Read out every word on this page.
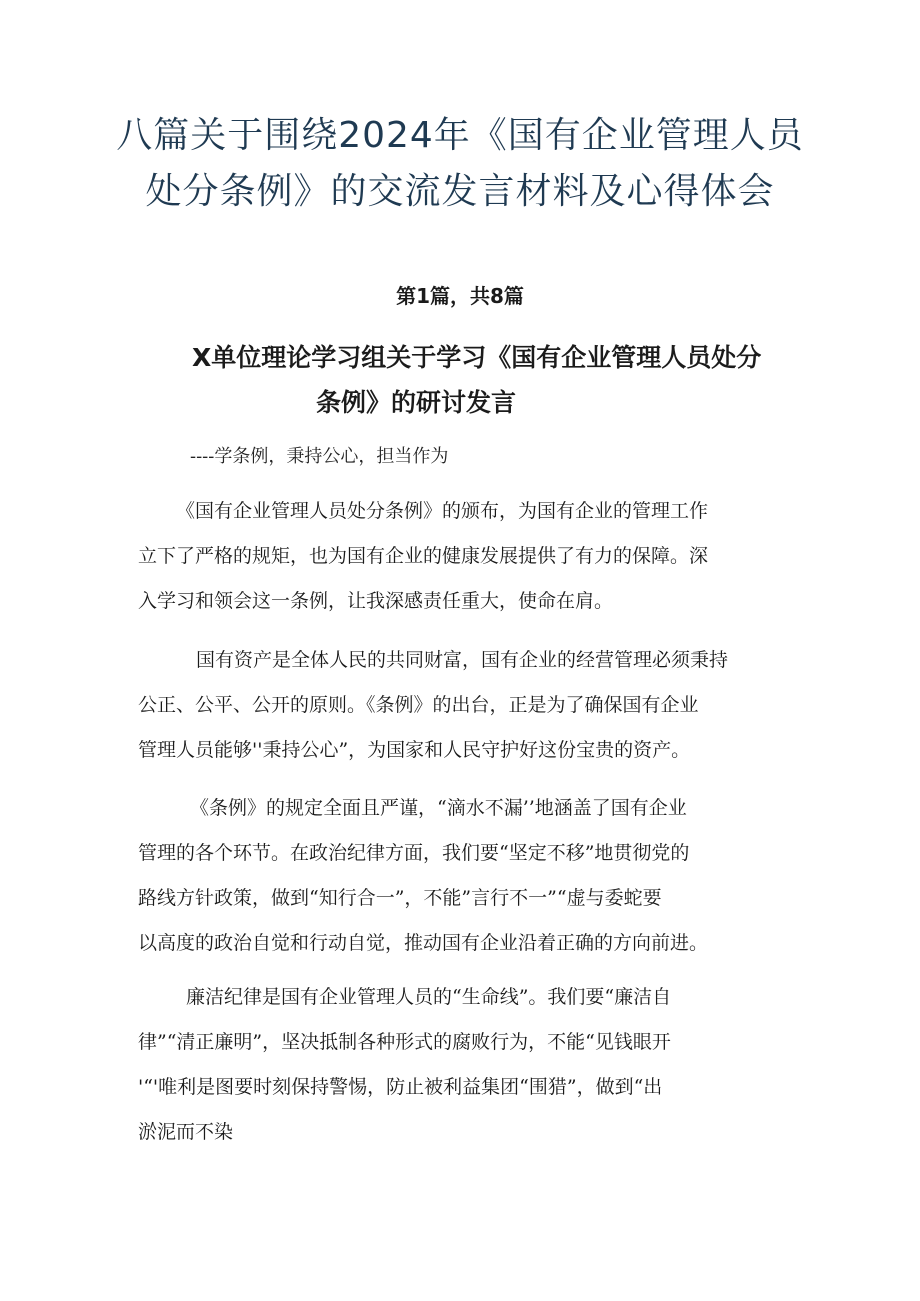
八篇关于围绕2024年《国有企业管理人员
处分条例》的交流发言材料及心得体会
第1篇，共8篇
X单位理论学习组关于学习《国有企业管理人员处分
条例》的研讨发言
----学条例，秉持公心，担当作为
《国有企业管理人员处分条例》的颁布，为国有企业的管理工作
立下了严格的规矩，也为国有企业的健康发展提供了有力的保障。深
入学习和领会这一条例，让我深感责任重大，使命在肩。
国有资产是全体人民的共同财富，国有企业的经营管理必须秉持
公正、公平、公开的原则。《条例》的出台，正是为了确保国有企业
管理人员能够''秉持公心”，为国家和人民守护好这份宝贵的资产。
《条例》的规定全面且严谨，“滴水不漏’’地涵盖了国有企业
管理的各个环节。在政治纪律方面，我们要“坚定不移”地贯彻党的
路线方针政策，做到“知行合一”，不能”言行不一”“虚与委蛇要
以高度的政治自觉和行动自觉，推动国有企业沿着正确的方向前进。
廉洁纪律是国有企业管理人员的“生命线”。我们要“廉洁自
律”“清正廉明”，坚决抵制各种形式的腐败行为，不能“见钱眼开
'“'唯利是图要时刻保持警惕，防止被利益集团“围猎”，做到“出
淤泥而不染
